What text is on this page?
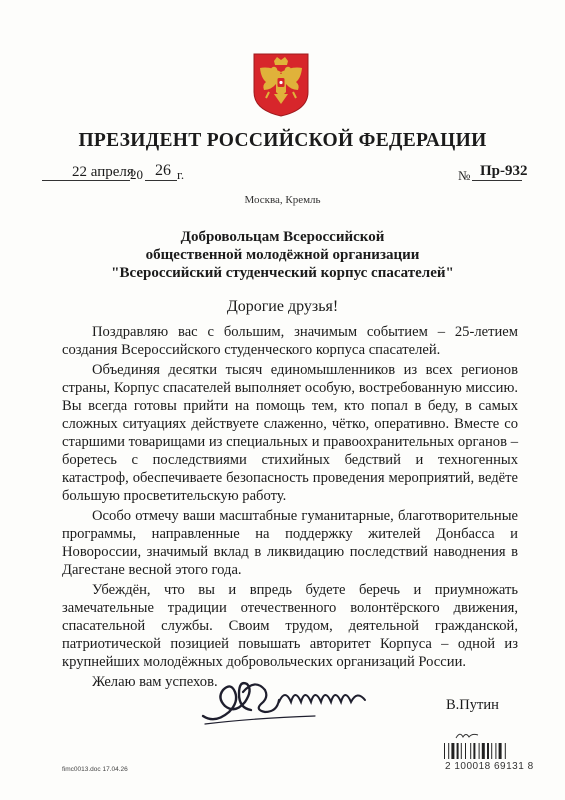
ПРЕЗИДЕНТ РОССИЙСКОЙ ФЕДЕРАЦИИ
22 апреля
20 26 г.	№ Пр-932
Москва, Кремль
Добровольцам Всероссийской
общественной молодёжной организации
"Всероссийский студенческий корпус спасателей"
Дорогие друзья!

Поздравляю вас с большим, значимым событием – 25-летием создания Всероссийского студенческого корпуса спасателей.

Объединяя десятки тысяч единомышленников из всех регионов страны, Корпус спасателей выполняет особую, востребованную миссию. Вы всегда готовы прийти на помощь тем, кто попал в беду, в самых сложных ситуациях действуете слаженно, чётко, оперативно. Вместе со старшими товарищами из специальных и правоохранительных органов – боретесь с последствиями стихийных бедствий и техногенных катастроф, обеспечиваете безопасность проведения мероприятий, ведёте большую просветительскую работу.

Особо отмечу ваши масштабные гуманитарные, благотворительные программы, направленные на поддержку жителей Донбасса и Новороссии, значимый вклад в ликвидацию последствий наводнения в Дагестане весной этого года.

Убеждён, что вы и впредь будете беречь и приумножать замечательные традиции отечественного волонтёрского движения, спасательной службы. Своим трудом, деятельной гражданской, патриотической позицией повышать авторитет Корпуса – одной из крупнейших молодёжных добровольческих организаций России.

Желаю вам успехов.

В.Путин
2 100018 69131 8
fimc0013.doc 17.04.26
